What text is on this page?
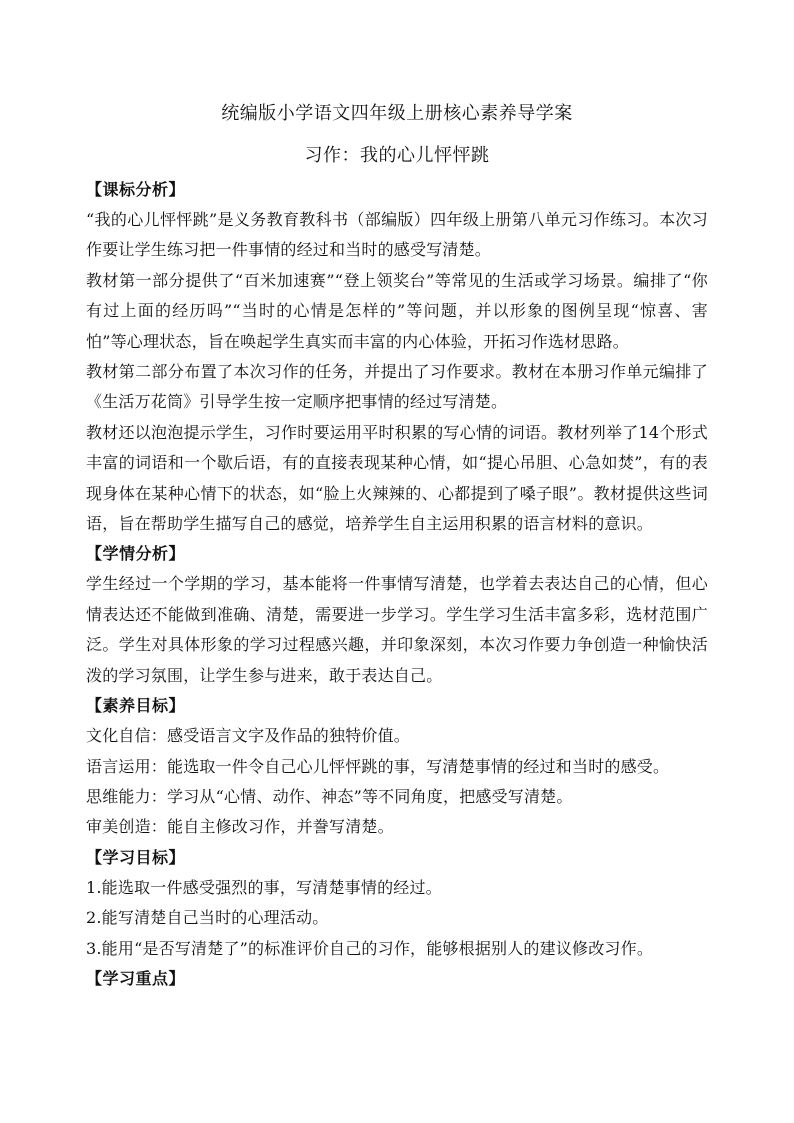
统编版小学语文四年级上册核心素养导学案

习作：我的心儿怦怦跳

【课标分析】

“我的心儿怦怦跳”是义务教育教科书（部编版）四年级上册第八单元习作练习。本次习作要让学生练习把一件事情的经过和当时的感受写清楚。

教材第一部分提供了“百米加速赛”“登上领奖台”等常见的生活或学习场景。编排了“你有过上面的经历吗”“当时的心情是怎样的”等问题，并以形象的图例呈现“惊喜、害怕”等心理状态，旨在唤起学生真实而丰富的内心体验，开拓习作选材思路。

教材第二部分布置了本次习作的任务，并提出了习作要求。教材在本册习作单元编排了《生活万花筒》引导学生按一定顺序把事情的经过写清楚。

教材还以泡泡提示学生，习作时要运用平时积累的写心情的词语。教材列举了14个形式丰富的词语和一个歇后语，有的直接表现某种心情，如“提心吊胆、心急如焚”，有的表现身体在某种心情下的状态，如“脸上火辣辣的、心都提到了嗓子眼”。教材提供这些词语，旨在帮助学生描写自己的感觉，培养学生自主运用积累的语言材料的意识。

【学情分析】

学生经过一个学期的学习，基本能将一件事情写清楚，也学着去表达自己的心情，但心情表达还不能做到准确、清楚，需要进一步学习。学生学习生活丰富多彩，选材范围广泛。学生对具体形象的学习过程感兴趣，并印象深刻，本次习作要力争创造一种愉快活泼的学习氛围，让学生参与进来，敢于表达自己。

【素养目标】

文化自信：感受语言文字及作品的独特价值。

语言运用：能选取一件令自己心儿怦怦跳的事，写清楚事情的经过和当时的感受。

思维能力：学习从“心情、动作、神态”等不同角度，把感受写清楚。

审美创造：能自主修改习作，并誊写清楚。

【学习目标】

1.能选取一件感受强烈的事，写清楚事情的经过。

2.能写清楚自己当时的心理活动。

3.能用“是否写清楚了”的标准评价自己的习作，能够根据别人的建议修改习作。

【学习重点】
